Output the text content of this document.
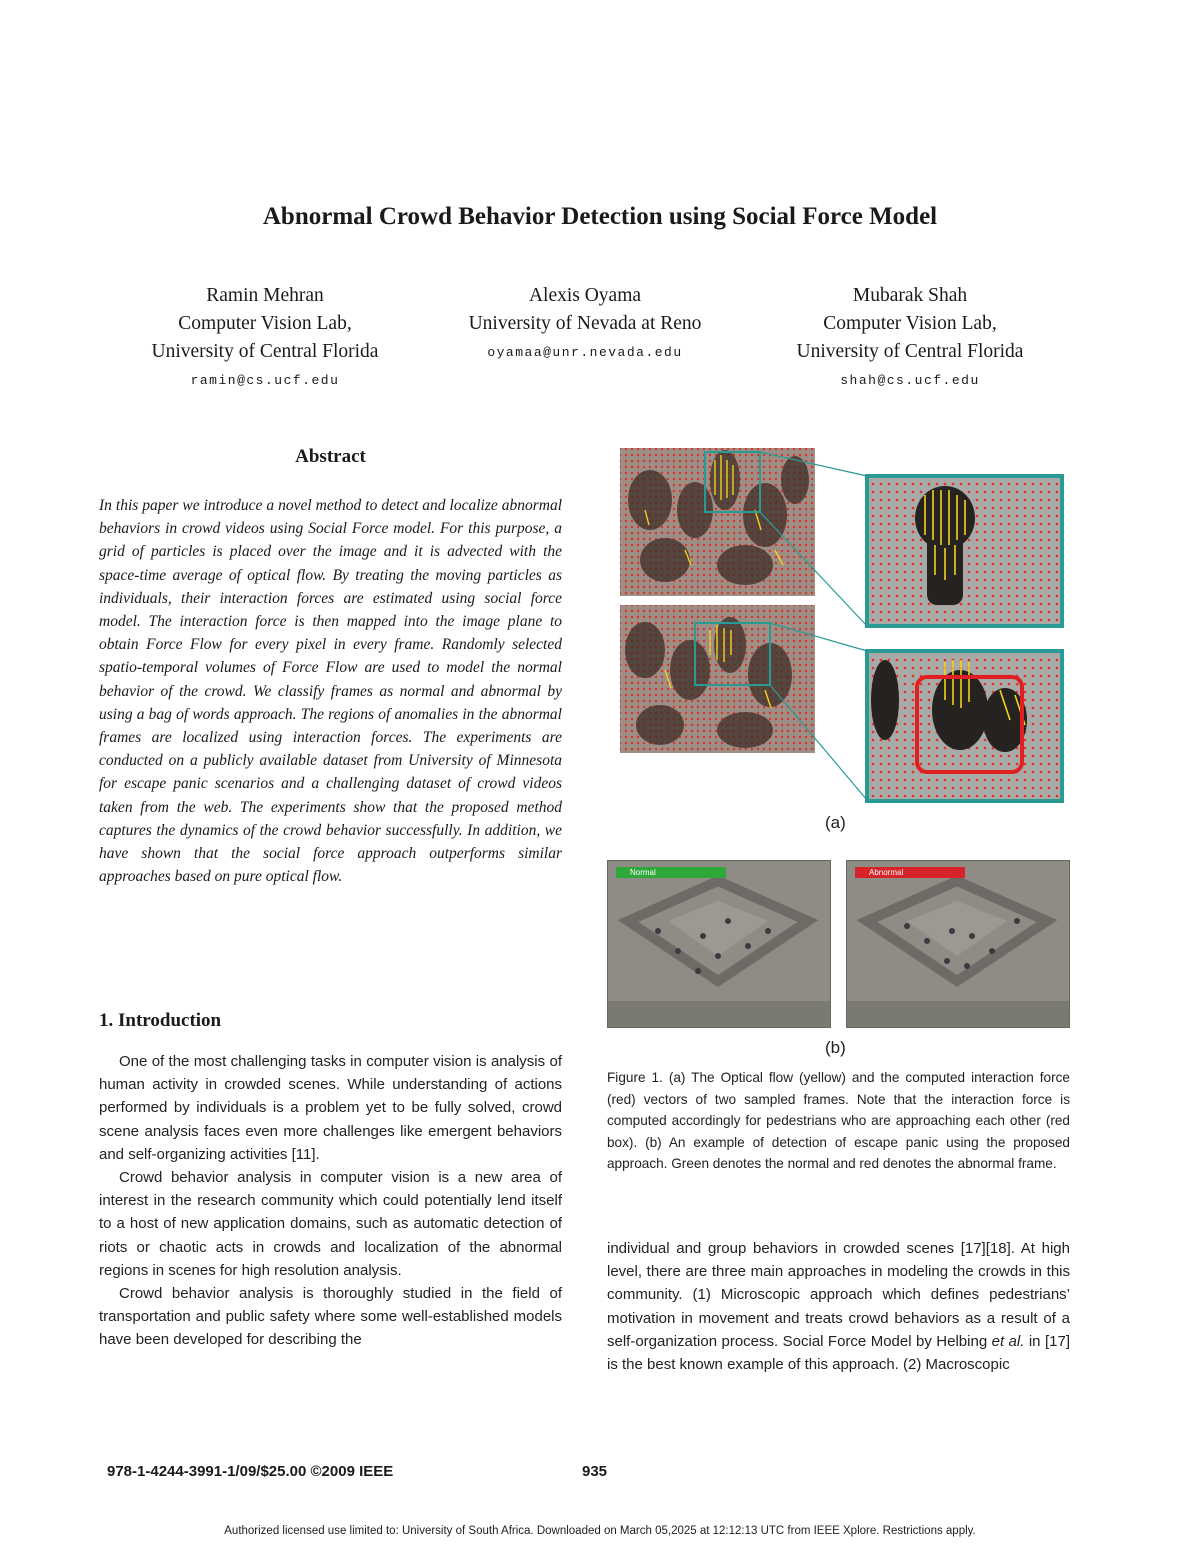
Abnormal Crowd Behavior Detection using Social Force Model
Ramin Mehran
Computer Vision Lab,
University of Central Florida
ramin@cs.ucf.edu
Alexis Oyama
University of Nevada at Reno
oyamaa@unr.nevada.edu
Mubarak Shah
Computer Vision Lab,
University of Central Florida
shah@cs.ucf.edu
Abstract
In this paper we introduce a novel method to detect and localize abnormal behaviors in crowd videos using Social Force model. For this purpose, a grid of particles is placed over the image and it is advected with the space-time average of optical flow. By treating the moving particles as individuals, their interaction forces are estimated using social force model. The interaction force is then mapped into the image plane to obtain Force Flow for every pixel in every frame. Randomly selected spatio-temporal volumes of Force Flow are used to model the normal behavior of the crowd. We classify frames as normal and abnormal by using a bag of words approach. The regions of anomalies in the abnormal frames are localized using interaction forces. The experiments are conducted on a publicly available dataset from University of Minnesota for escape panic scenarios and a challenging dataset of crowd videos taken from the web. The experiments show that the proposed method captures the dynamics of the crowd behavior successfully. In addition, we have shown that the social force approach outperforms similar approaches based on pure optical flow.
1. Introduction

One of the most challenging tasks in computer vision is analysis of human activity in crowded scenes. While understanding of actions performed by individuals is a problem yet to be fully solved, crowd scene analysis faces even more challenges like emergent behaviors and self-organizing activities [11].

Crowd behavior analysis in computer vision is a new area of interest in the research community which could potentially lend itself to a host of new application domains, such as automatic detection of riots or chaotic acts in crowds and localization of the abnormal regions in scenes for high resolution analysis.

Crowd behavior analysis is thoroughly studied in the field of transportation and public safety where some well-established models have been developed for describing the

(a)
Normal	Abnormal
(b)
Figure 1. (a) The Optical flow (yellow) and the computed interaction force (red) vectors of two sampled frames. Note that the interaction force is computed accordingly for pedestrians who are approaching each other (red box). (b) An example of detection of escape panic using the proposed approach. Green denotes the normal and red denotes the abnormal frame.

individual and group behaviors in crowded scenes [17][18]. At high level, there are three main approaches in modeling the crowds in this community. (1) Microscopic approach which defines pedestrians’ motivation in movement and treats crowd behaviors as a result of a self-organization process. Social Force Model by Helbing et al. in [17] is the best known example of this approach. (2) Macroscopic

978-1-4244-3991-1/09/$25.00 ©2009 IEEE	935
Authorized licensed use limited to: University of South Africa. Downloaded on March 05,2025 at 12:12:13 UTC from IEEE Xplore. Restrictions apply.
